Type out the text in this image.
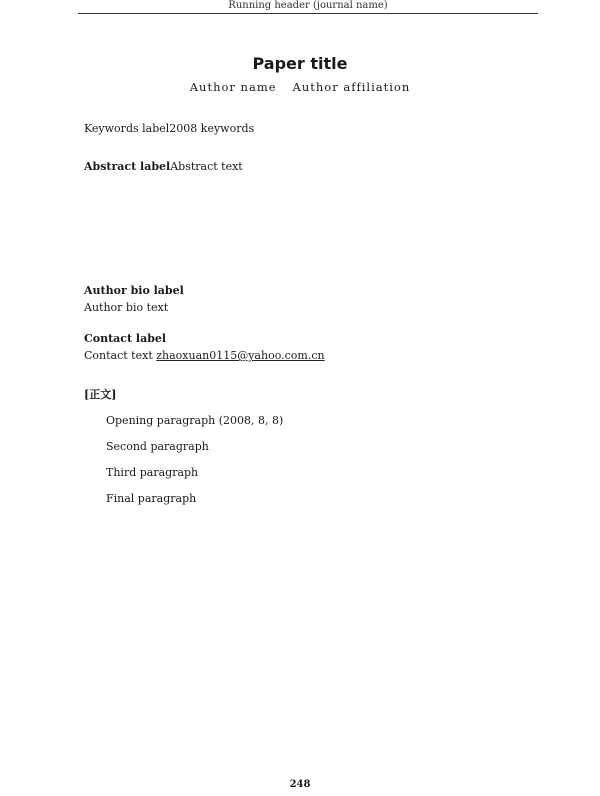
Running header (journal name)
Paper title
Author name Author affiliation
Keywords label2008 keywords
Abstract labelAbstract text
Author bio label
Author bio text
Contact label
Contact text zhaoxuan0115@yahoo.com.cn
[正文]

Opening paragraph (2008, 8, 8)

Second paragraph

Third paragraph

Final paragraph

248
